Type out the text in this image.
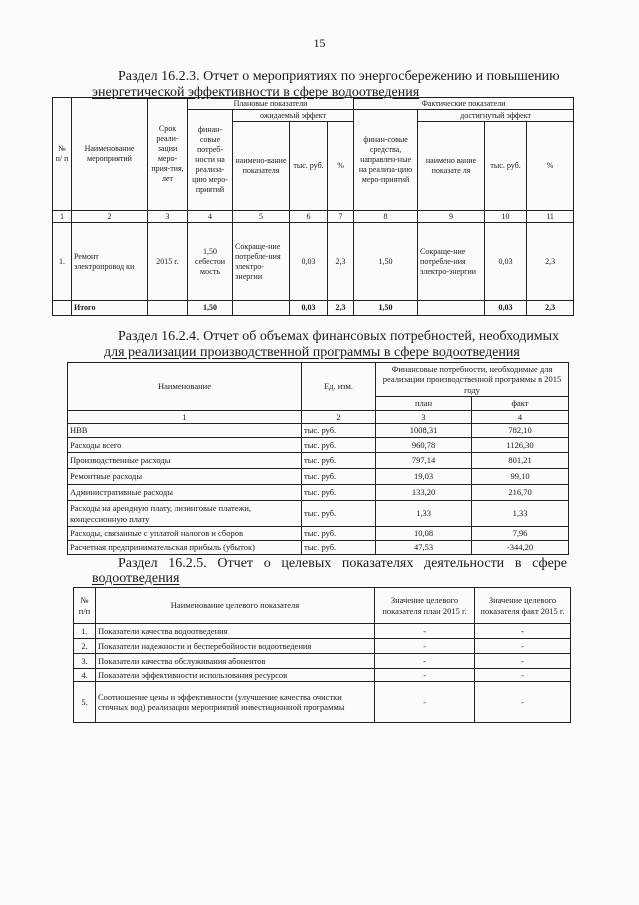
15
Раздел 16.2.3. Отчет о мероприятиях по энергосбережению и повышению
энергетической эффективности в сфере водоотведения
№ п/ п	Наименование мероприятий	Срок реали-зации меро-прия-тия, лет	Плановые показатели				Фактические показатели			
			финан-совые потреб-ности на реализа-цию меро-приятий	ожидаемый эффект			финан-совые средства, направлен-ные на реализа-цию меро-приятий	достигнутый эффект		
				наимено-вание показателя	тыс. руб.	%		наимено вание показате ля	тыс. руб.	%
1	2	3	4	5	6	7	8	9	10	11
1.	Ремонт электропровод ки	2015 г.	1,50 себестои мость	Сокраще-ние потребле-ния электро-энергии	0,03	2,3	1,50	Сокраще-ние потребле-ния электро-энергии	0,03	2,3
	Итого		1,50		0,03	2,3	1,50		0,03	2,3
Раздел 16.2.4. Отчет об объемах финансовых потребностей, необходимых
для реализации производственной программы в сфере водоотведения
Наименование	Ед. изм.	Финансовые потребности, необходимые для реализации производственной программы в 2015 году	
		план	факт
1	2	3	4
НВВ	тыс. руб.	1008,31	782,10
Расходы всего	тыс. руб.	960,78	1126,30
Производственные расходы	тыс. руб.	797,14	801,21
Ремонтные расходы	тыс. руб.	19,03	99,10
Административные расходы	тыс. руб.	133,20	216,70
Расходы на арендную плату, лизинговые платежи, концессионную плату	тыс. руб.	1,33	1,33
Расходы, связанные с уплатой налогов и сборов	тыс. руб.	10,08	7,96
Расчетная предпринимательская прибыль (убыток)	тыс. руб.	47,53	-344,20
Раздел 16.2.5. Отчет о целевых показателях деятельности в сфере
водоотведения
№ п/п	Наименование целевого показателя	Значение целевого показателя план 2015 г.	Значение целевого показателя факт 2015 г.
1.	Показатели качества водоотведения	-	-
2.	Показатели надежности и бесперебойности водоотведения	-	-
3.	Показатели качества обслуживания абонентов	-	-
4.	Показатели эффективности использования ресурсов	-	-
5.	Соотношение цены и эффективности (улучшение качества очистки сточных вод) реализации мероприятий инвестиционной программы	-	-
